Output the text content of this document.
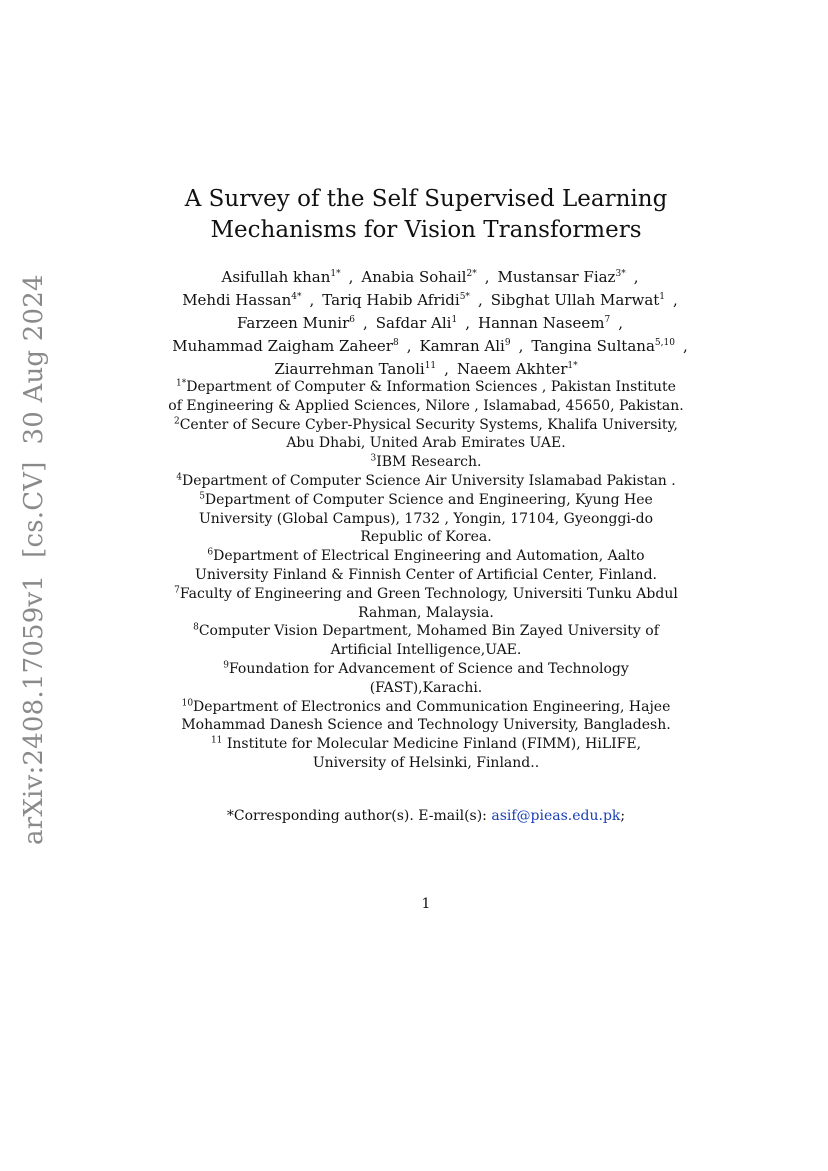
arXiv:2408.17059v1  [cs.CV]  30 Aug 2024
A Survey of the Self Supervised Learning
Mechanisms for Vision Transformers
Asifullah khan$^{1*}$ , Anabia Sohail$^{2*}$ , Mustansar Fiaz$^{3*}$ ,
Mehdi Hassan$^{4*}$ , Tariq Habib Afridi$^{5*}$ , Sibghat Ullah Marwat$^1$ ,
Farzeen Munir$^6$ , Safdar Ali$^1$ , Hannan Naseem$^7$ ,
Muhammad Zaigham Zaheer$^8$ , Kamran Ali$^9$ , Tangina Sultana$^{5,10}$ ,
Ziaurrehman Tanoli$^{11}$ , Naeem Akhter$^{1*}$
$^{1*}$Department of Computer & Information Sciences , Pakistan Institute
of Engineering & Applied Sciences, Nilore , Islamabad, 45650, Pakistan.
$^2$Center of Secure Cyber-Physical Security Systems, Khalifa University,
Abu Dhabi, United Arab Emirates UAE.
$^3$IBM Research.
$^4$Department of Computer Science Air University Islamabad Pakistan .
$^5$Department of Computer Science and Engineering, Kyung Hee
University (Global Campus), 1732 , Yongin, 17104, Gyeonggi-do
Republic of Korea.
$^6$Department of Electrical Engineering and Automation, Aalto
University Finland & Finnish Center of Artificial Center, Finland.
$^7$Faculty of Engineering and Green Technology, Universiti Tunku Abdul
Rahman, Malaysia.
$^8$Computer Vision Department, Mohamed Bin Zayed University of
Artificial Intelligence,UAE.
$^9$Foundation for Advancement of Science and Technology
(FAST),Karachi.
$^{10}$Department of Electronics and Communication Engineering, Hajee
Mohammad Danesh Science and Technology University, Bangladesh.
$^{11}$ Institute for Molecular Medicine Finland (FIMM), HiLIFE,
University of Helsinki, Finland..
*Corresponding author(s). E-mail(s): asif@pieas.edu.pk;
1
